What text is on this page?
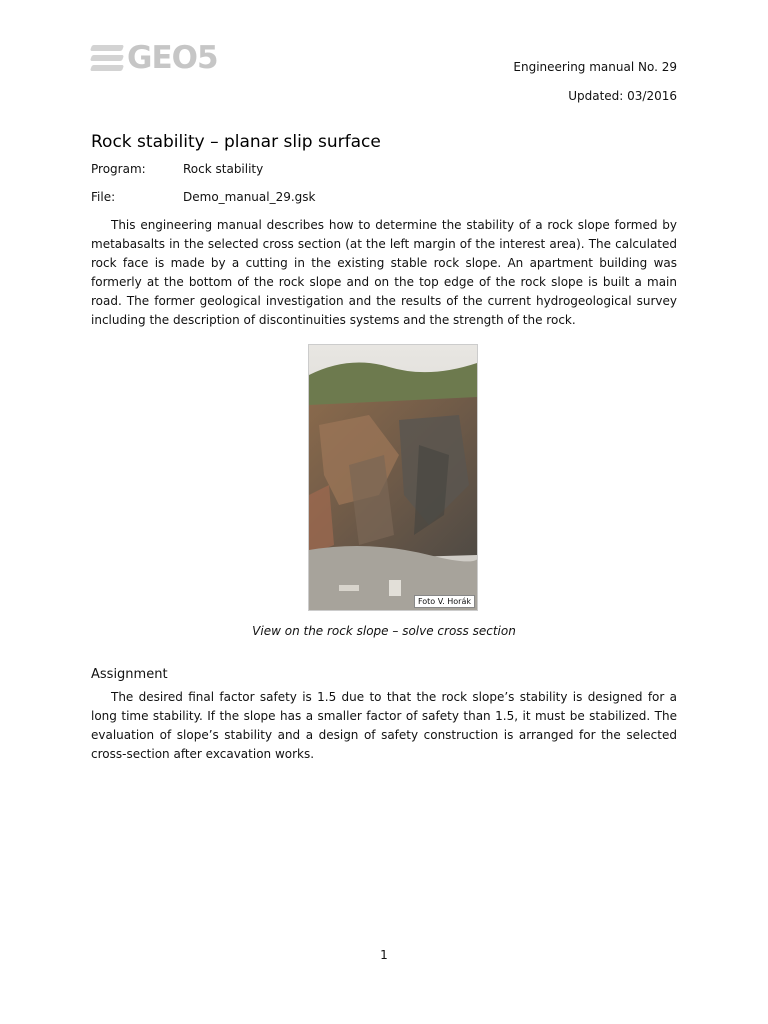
GEO5	Engineering manual No. 29
Updated: 03/2016
Rock stability – planar slip surface
Program:	Rock stability
File:	Demo_manual_29.gsk
This engineering manual describes how to determine the stability of a rock slope formed by metabasalts in the selected cross section (at the left margin of the interest area). The calculated rock face is made by a cutting in the existing stable rock slope. An apartment building was formerly at the bottom of the rock slope and on the top edge of the rock slope is built a main road. The former geological investigation and the results of the current hydrogeological survey including the description of discontinuities systems and the strength of the rock.
Foto V. Horák
View on the rock slope – solve cross section
Assignment
The desired final factor safety is 1.5 due to that the rock slope’s stability is designed for a long time stability. If the slope has a smaller factor of safety than 1.5, it must be stabilized. The evaluation of slope’s stability and a design of safety construction is arranged for the selected cross-section after excavation works.
1
